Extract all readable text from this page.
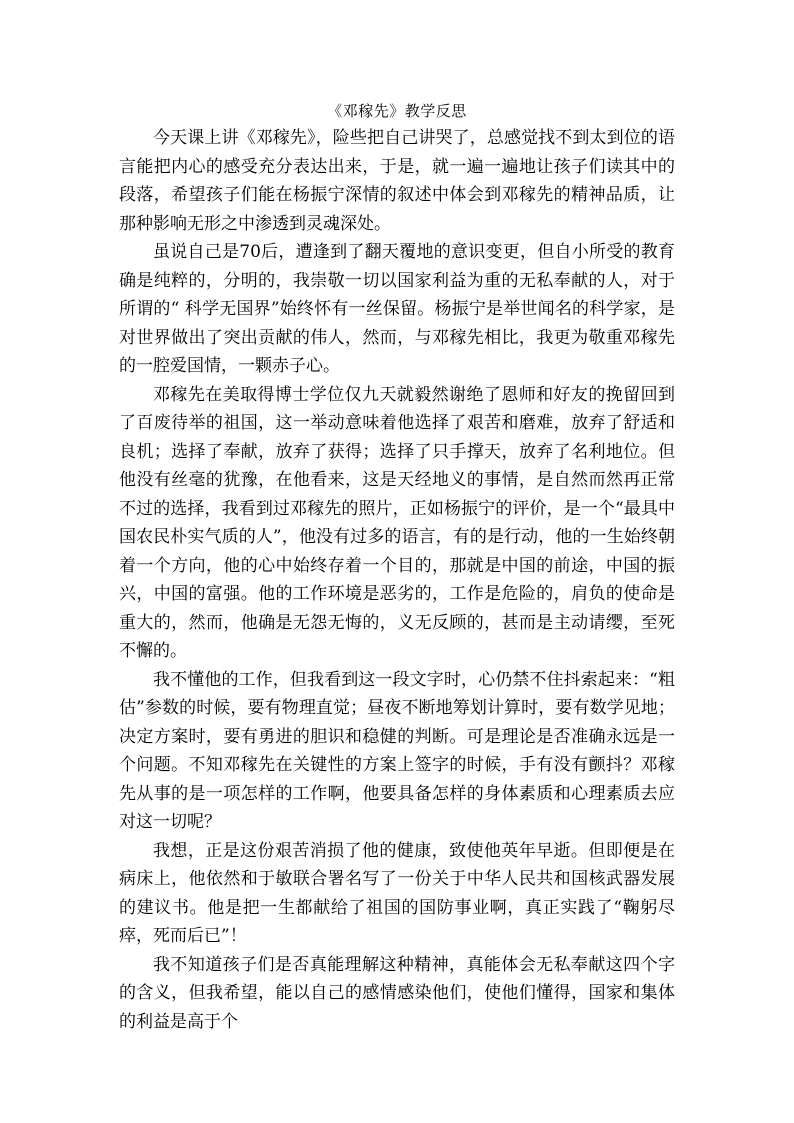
《邓稼先》教学反思

今天课上讲《邓稼先》，险些把自己讲哭了，总感觉找不到太到位的语言能把内心的感受充分表达出来，于是，就一遍一遍地让孩子们读其中的段落，希望孩子们能在杨振宁深情的叙述中体会到邓稼先的精神品质，让那种影响无形之中渗透到灵魂深处。

虽说自己是70后，遭逢到了翻天覆地的意识变更，但自小所受的教育确是纯粹的，分明的，我崇敬一切以国家利益为重的无私奉献的人，对于所谓的“ 科学无国界”始终怀有一丝保留。杨振宁是举世闻名的科学家，是对世界做出了突出贡献的伟人，然而，与邓稼先相比，我更为敬重邓稼先的一腔爱国情，一颗赤子心。

邓稼先在美取得博士学位仅九天就毅然谢绝了恩师和好友的挽留回到了百废待举的祖国，这一举动意味着他选择了艰苦和磨难，放弃了舒适和良机；选择了奉献，放弃了获得；选择了只手撑天，放弃了名利地位。但他没有丝毫的犹豫，在他看来，这是天经地义的事情，是自然而然再正常不过的选择，我看到过邓稼先的照片，正如杨振宁的评价，是一个“最具中国农民朴实气质的人”，他没有过多的语言，有的是行动，他的一生始终朝着一个方向，他的心中始终存着一个目的，那就是中国的前途，中国的振兴，中国的富强。他的工作环境是恶劣的，工作是危险的，肩负的使命是重大的，然而，他确是无怨无悔的，义无反顾的，甚而是主动请缨，至死不懈的。

我不懂他的工作，但我看到这一段文字时，心仍禁不住抖索起来：“粗估”参数的时候，要有物理直觉；昼夜不断地筹划计算时，要有数学见地；决定方案时，要有勇进的胆识和稳健的判断。可是理论是否准确永远是一个问题。不知邓稼先在关键性的方案上签字的时候，手有没有颤抖？邓稼先从事的是一项怎样的工作啊，他要具备怎样的身体素质和心理素质去应对这一切呢？

我想，正是这份艰苦消损了他的健康，致使他英年早逝。但即便是在病床上，他依然和于敏联合署名写了一份关于中华人民共和国核武器发展的建议书。他是把一生都献给了祖国的国防事业啊，真正实践了“鞠躬尽瘁，死而后已”！

我不知道孩子们是否真能理解这种精神，真能体会无私奉献这四个字的含义，但我希望，能以自己的感情感染他们，使他们懂得，国家和集体的利益是高于个
